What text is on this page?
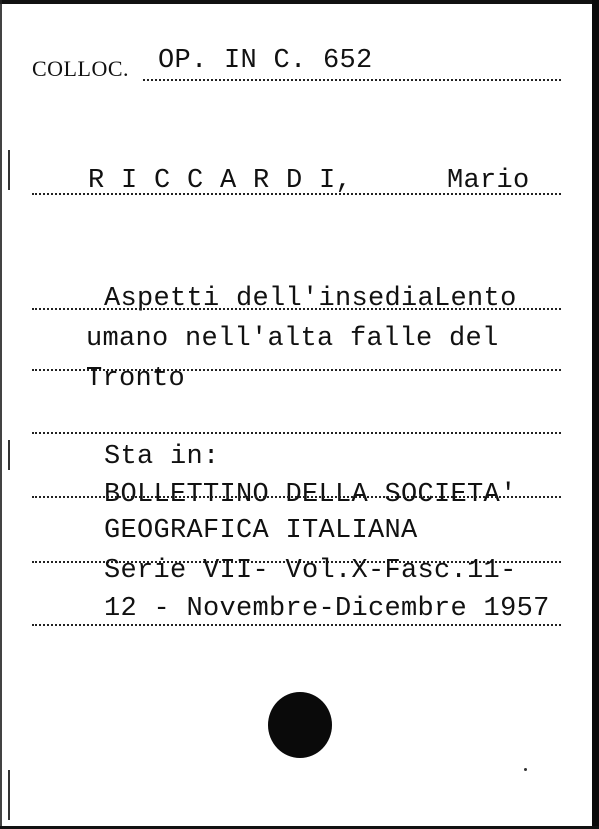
COLLOC. OP. IN C. 652
R I C C A R D I,	Mario
Aspetti dell'insediaLento
umano nell'alta falle del
Tronto
Sta in:
BOLLETTINO DELLA SOCIETA'
GEOGRAFICA ITALIANA
Serie VII- Vol.X-Fasc.11-
12 - Novembre-Dicembre 1957
